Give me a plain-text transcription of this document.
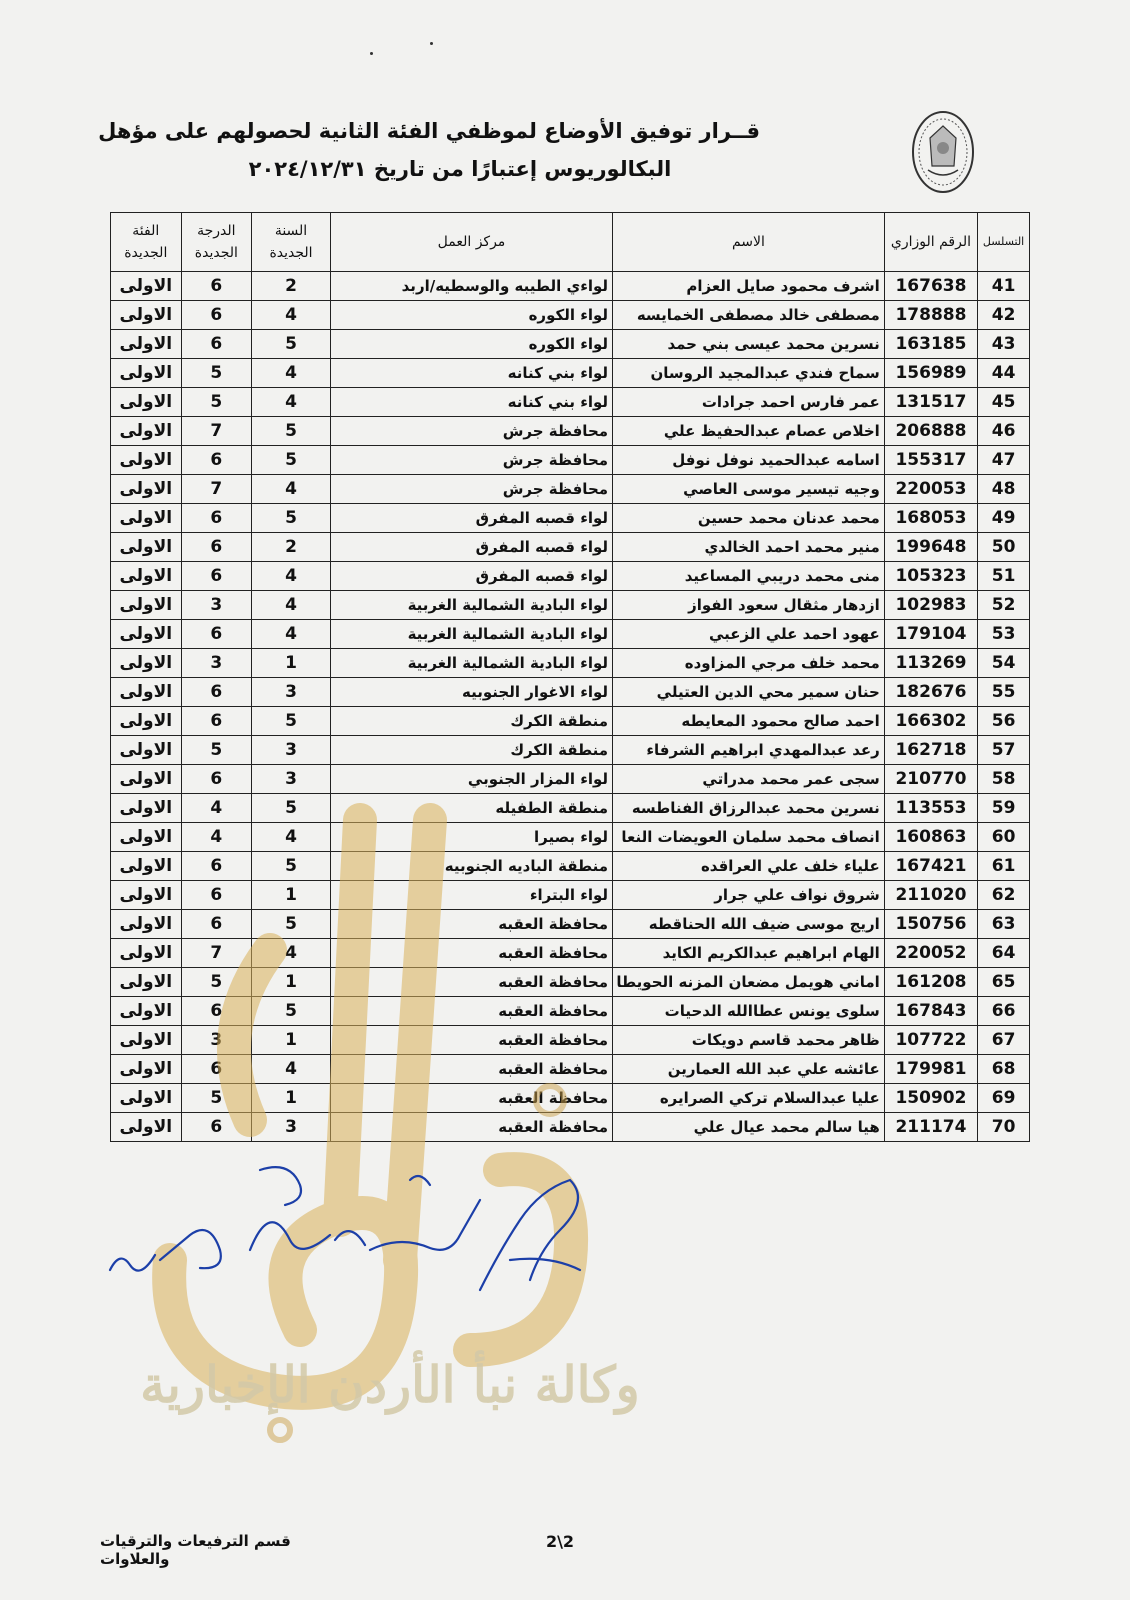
قــرار توفيق الأوضاع لموظفي الفئة الثانية لحصولهم على مؤهل
البكالوريوس إعتبارًا من تاريخ ٢٠٢٤/١٢/٣١
التسلسل	الرقم الوزاري	الاسم	مركز العمل	السنة الجديدة	الدرجة الجديدة	الفئة الجديدة
41	167638	اشرف محمود صايل العزام	لواءي الطيبه والوسطيه/اربد	2	6	الاولى
42	178888	مصطفى خالد مصطفى الخمايسه	لواء الكوره	4	6	الاولى
43	163185	نسرين محمد عيسى بني حمد	لواء الكوره	5	6	الاولى
44	156989	سماح فندي عبدالمجيد الروسان	لواء بني كنانه	4	5	الاولى
45	131517	عمر فارس احمد جرادات	لواء بني كنانه	4	5	الاولى
46	206888	اخلاص عصام عبدالحفيظ علي	محافظة جرش	5	7	الاولى
47	155317	اسامه عبدالحميد نوفل نوفل	محافظة جرش	5	6	الاولى
48	220053	وجيه تيسير موسى العاصي	محافظة جرش	4	7	الاولى
49	168053	محمد عدنان محمد حسين	لواء قصبه المفرق	5	6	الاولى
50	199648	منير محمد احمد الخالدي	لواء قصبه المفرق	2	6	الاولى
51	105323	منى محمد دريبي المساعيد	لواء قصبه المفرق	4	6	الاولى
52	102983	ازدهار مثقال سعود الفواز	لواء البادية الشمالية الغربية	4	3	الاولى
53	179104	عهود احمد علي الزعبي	لواء البادية الشمالية الغربية	4	6	الاولى
54	113269	محمد خلف مرجي المزاوده	لواء البادية الشمالية الغربية	1	3	الاولى
55	182676	حنان سمير محي الدين العتيلي	لواء الاغوار الجنوبيه	3	6	الاولى
56	166302	احمد صالح محمود المعايطه	منطقة الكرك	5	6	الاولى
57	162718	رعد عبدالمهدي ابراهيم الشرفاء	منطقة الكرك	3	5	الاولى
58	210770	سجى عمر محمد مدراتي	لواء المزار الجنوبي	3	6	الاولى
59	113553	نسرين محمد عبدالرزاق الفناطسه	منطقة الطفيله	5	4	الاولى
60	160863	انصاف محمد سلمان العويضات النعا	لواء بصيرا	4	4	الاولى
61	167421	علياء خلف علي العراقده	منطقة الباديه الجنوبيه	5	6	الاولى
62	211020	شروق نواف علي جرار	لواء البتراء	1	6	الاولى
63	150756	اريج موسى ضيف الله الحناقطه	محافظة العقبه	5	6	الاولى
64	220052	الهام ابراهيم عبدالكريم الكايد	محافظة العقبه	4	7	الاولى
65	161208	اماني هويمل مضعان المزنه الحويطا	محافظة العقبه	1	5	الاولى
66	167843	سلوى يونس عطاالله الدحيات	محافظة العقبه	5	6	الاولى
67	107722	ظاهر محمد قاسم دويكات	محافظة العقبه	1	3	الاولى
68	179981	عائشه علي عبد الله العمارين	محافظة العقبه	4	6	الاولى
69	150902	عليا عبدالسلام تركي الصرايره	محافظة العقبه	1	5	الاولى
70	211174	هيا سالم محمد عيال علي	محافظة العقبه	3	6	الاولى
وكالة نبأ الأردن الإخبارية
2\2
قسم الترفيعات والترقيات والعلاوات
